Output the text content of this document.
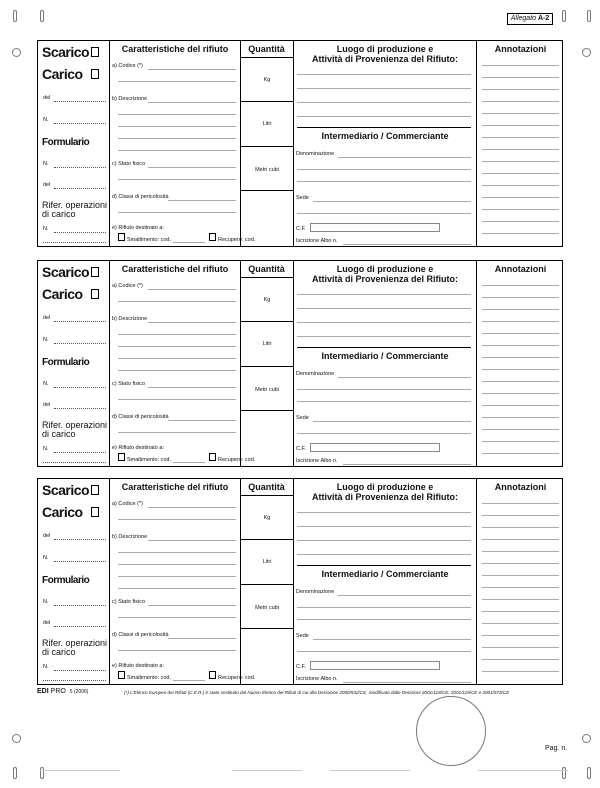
Allegato A-2
Scarico
Carico
del
N.
Formulario
N.
del
Rifer. operazioni
di carico
N.
Caratteristiche del rifiuto
a) Codice (*)
b) Descrizione
c) Stato fisico
d) Classi di pericolosità
e) Rifiuto destinato a:
Smaltimento: cod.	Recupero: cod.
Quantità
Kg
Litri
Metri cubi
Luogo di produzione e
Attività di Provenienza del Rifiuto:
Intermediario / Commerciante
Denominazione
Sede
C.F.
Iscrizione Albo n.
Annotazioni
Scarico
Carico
del
N.
Formulario
N.
del
Rifer. operazioni
di carico
N.
Caratteristiche del rifiuto
a) Codice (*)
b) Descrizione
c) Stato fisico
d) Classi di pericolosità
e) Rifiuto destinato a:
Smaltimento: cod.	Recupero: cod.
Quantità
Kg
Litri
Metri cubi
Luogo di produzione e
Attività di Provenienza del Rifiuto:
Intermediario / Commerciante
Denominazione
Sede
C.F.
Iscrizione Albo n.
Annotazioni
Scarico
Carico
del
N.
Formulario
N.
del
Rifer. operazioni
di carico
N.
Caratteristiche del rifiuto
a) Codice (*)
b) Descrizione
c) Stato fisico
d) Classi di pericolosità
e) Rifiuto destinato a:
Smaltimento: cod.	Recupero: cod.
Quantità
Kg
Litri
Metri cubi
Luogo di produzione e
Attività di Provenienza del Rifiuto:
Intermediario / Commerciante
Denominazione
Sede
C.F.
Iscrizione Albo n.
Annotazioni
EDI PRO 5 (2006)	(*) L'Elenco Europeo dei Rifiuti (C.E.R.) è stato sostituito dal Nuovo Elenco dei Rifiuti di cui alla Decisione 2000/532/CE, modificata dalle Decisioni 2001/118/CE, 2001/119/CE e 2001/573/CE
Pag. n.
